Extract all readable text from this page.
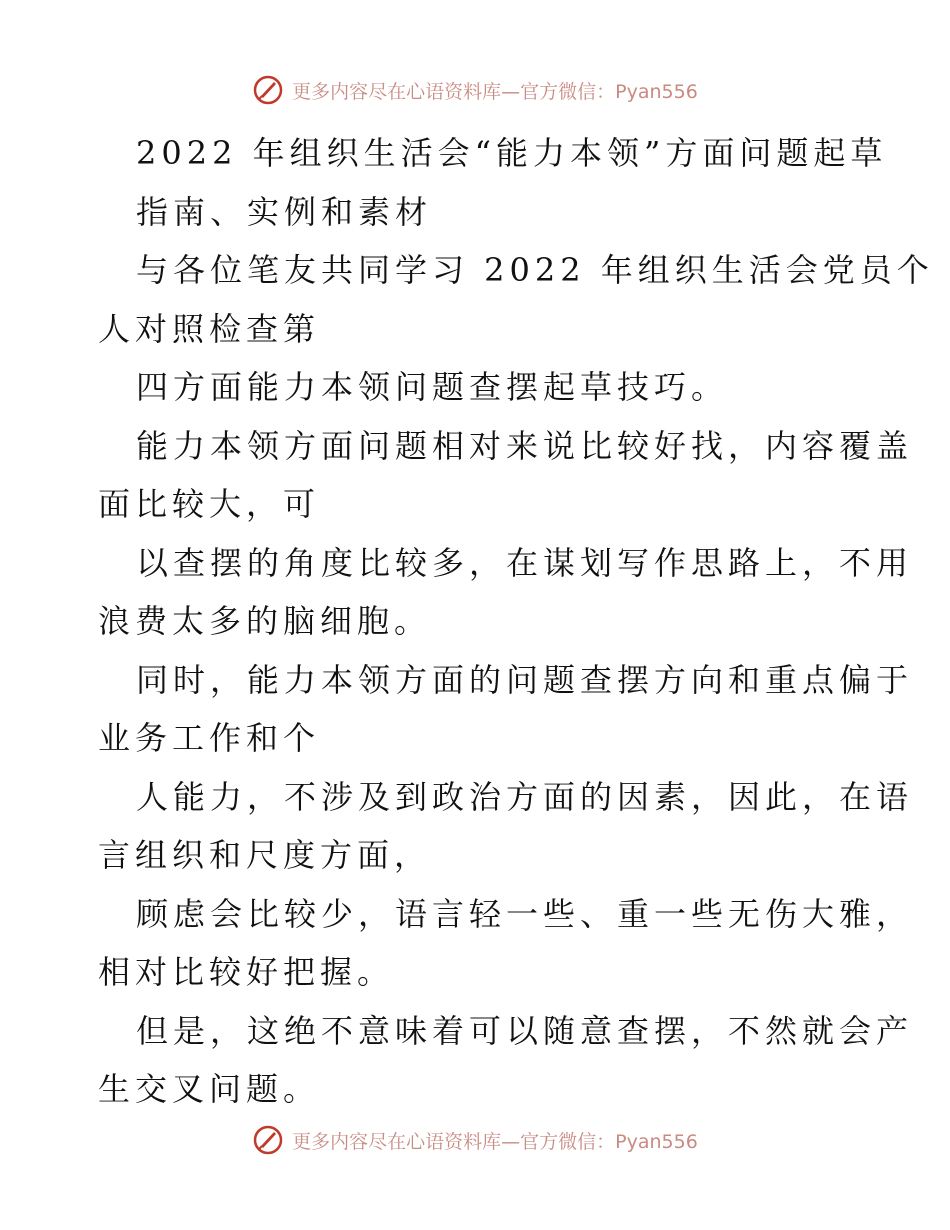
更多内容尽在心语资料库—官方微信：Pyan556
2022 年组织生活会“能力本领”方面问题起草
指南、实例和素材
与各位笔友共同学习 2022 年组织生活会党员个
人对照检查第
四方面能力本领问题查摆起草技巧。
能力本领方面问题相对来说比较好找，内容覆盖
面比较大，可
以查摆的角度比较多，在谋划写作思路上，不用
浪费太多的脑细胞。
同时，能力本领方面的问题查摆方向和重点偏于
业务工作和个
人能力，不涉及到政治方面的因素，因此，在语
言组织和尺度方面，
顾虑会比较少，语言轻一些、重一些无伤大雅，
相对比较好把握。
但是，这绝不意味着可以随意查摆，不然就会产
生交叉问题。
更多内容尽在心语资料库—官方微信：Pyan556
